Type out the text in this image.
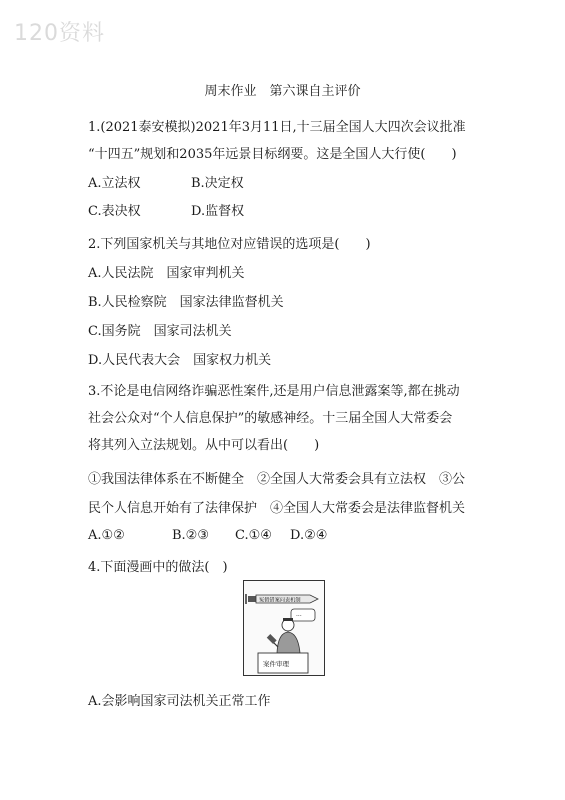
120资料
周末作业　第六课自主评价
1.(2021泰安模拟)2021年3月11日,十三届全国人大四次会议批准
“十四五”规划和2035年远景目标纲要。这是全国人大行使(　　)
A.立法权	B.决定权
C.表决权	D.监督权
2.下列国家机关与其地位对应错误的选项是(　　)
A.人民法院　国家审判机关
B.人民检察院　国家法律监督机关
C.国务院　国家司法机关
D.人民代表大会　国家权力机关
3.不论是电信网络诈骗恶性案件,还是用户信息泄露案等,都在挑动
社会公众对“个人信息保护”的敏感神经。十三届全国人大常委会
将其列入立法规划。从中可以看出(　　)
①我国法律体系在不断健全　②全国人大常委会具有立法权　③公
民个人信息开始有了法律保护　④全国人大常委会是法律监督机关
A.①②	B.②③ C.①④ D.②④
4.下面漫画中的做法(　)
冤假错案问责机制
···
案件审理
A.会影响国家司法机关正常工作
